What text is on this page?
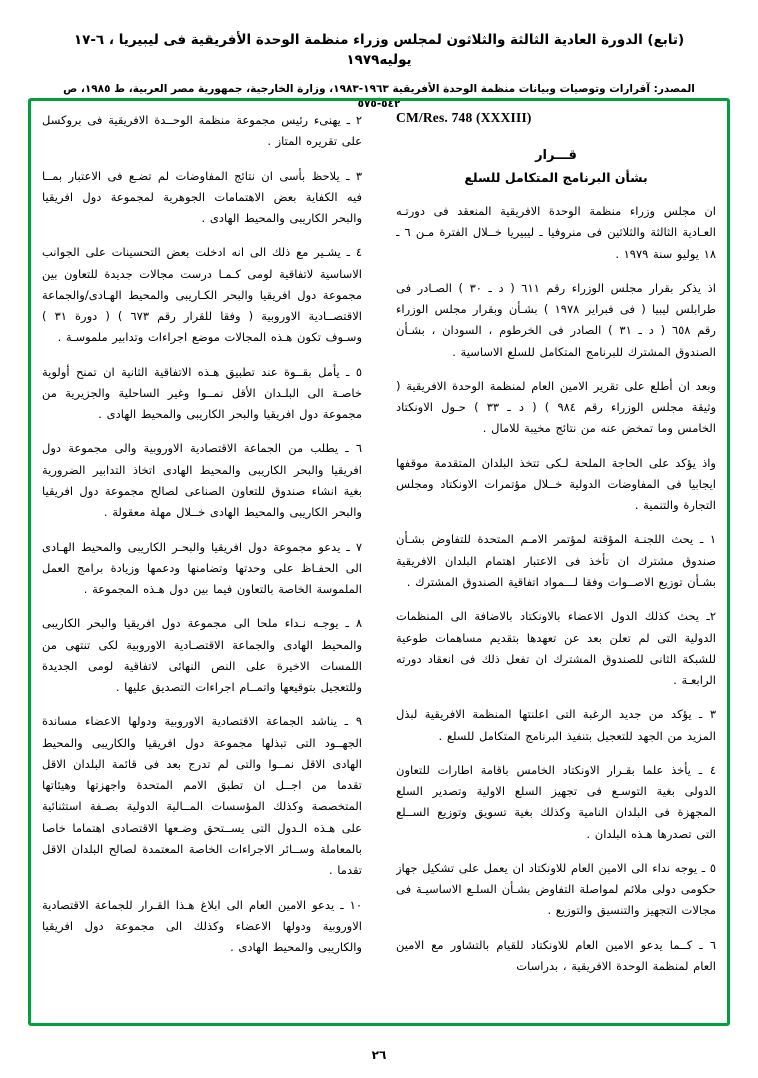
(تابع) الدورة العادية الثالثة والثلاثون لمجلس وزراء منظمة الوحدة الأفريقية فى ليبيريا ، ٦-١٧ يوليه١٩٧٩
المصدر: آقرارات وتوصيات وبيانات منظمة الوحدة الأفريقية ١٩٦٣-١٩٨٣، وزارة الخارجية، جمهورية مصر العربية، ط ١٩٨٥، ص ٥٤٢-٥٧٥ْ
CM/Res. 748 (XXXIII)
قـــرار
بشأن البرنامج المتكامل للسلع

ان مجلس وزراء منظمة الوحدة الافريقية المنعقد فى دورتـه العـادية الثالثة والثلاثين فى منروفيا ـ ليبيريا خــلال الفترة مـن ٦ ـ ١٨ يوليو سنة ١٩٧٩ .

اذ يذكر بقرار مجلس الوزراء رقم ٦١١ ( د ـ ٣٠ ) الصـادر فى طرابلس ليبيا ( فى فبراير ١٩٧٨ ) بشـأن وبقرار مجلس الوزراء رقم ٦٥٨ ( د ـ ٣١ ) الصادر فى الخرطوم ، السودان ، بشـأن الصندوق المشترك للبرنامج المتكامل للسلع الاساسية .

وبعد ان أطلع على تقرير الامين العام لمنظمة الوحدة الافريقية ( وثيقة مجلس الوزراء رقم ٩٨٤ ) ( د ـ ٣٣ ) حـول الاونكتاد الخامس وما تمخض عنه من نتائج مخيبة للامال .

واذ يؤكد على الحاجة الملحة لـكى تتخذ البلدان المتقدمة موقفها ايجابيا فى المفاوضات الدولية خــلال مؤتمرات الاونكتاد ومجلس التجارة والتنمية .

١ ـ يحث اللجنـة المؤقتة لمؤتمر الامـم المتحدة للتفاوض بشـأن صندوق مشترك ان تأخذ فى الاعتبار اهتمام البلدان الافريقية بشـأن توزيع الاصــوات وفقا لـــمواد اتفاقية الصندوق المشترك .

٢ـ يحث كذلك الدول الاعضاء بالاونكتاد بالاضافة الى المنظمات الدولية التى لم تعلن بعد عن تعهدها بتقديم مساهمات طوعية للشبكة الثانى للصندوق المشترك ان تفعل ذلك فى انعقاد دورته الرابعـة .

٣ ـ يؤكد من جديد الرغبة التى اعلنتها المنظمة الافريقية لبذل المزيد من الجهد للتعجيل بتنفيذ البرنامج المتكامل للسلع .

٤ ـ يأخذ علما بقـرار الاونكتاد الخامس باقامة اطارات للتعاون الدولى بغية التوسـع فى تجهيز السلع الاولية وتصدير السلع المجهزة فى البلدان النامية وكذلك بغية تسويق وتوزيع الســلع التى تصدرها هـذه البلدان .

٥ ـ يوجه نداء الى الامين العام للاونكتاد ان يعمل على تشكيل جهاز حكومى دولى ملائم لمواصلة التفاوض بشـأن السلـع الاساسيـة فى مجالات التجهيز والتنسيق والتوزيع .

٦ ـ كــما يدعو الامين العام للاونكتاد للقيام بالتشاور مع الامين العام لمنظمة الوحدة الافريقية ، بدراسات

٢ ـ يهنىء رئيس مجموعة منظمة الوحــدة الافريقية فى بروكسل على تقريره المتاز .

٣ ـ يلاحظ بأسى ان نتائج المفاوضات لم تضـع فى الاعتبار بمــا فيه الكفاية بعض الاهتمامات الجوهرية لمجموعة دول افريقيا والبحر الكاريبى والمحيط الهادى .

٤ ـ يشـير مع ذلك الى انه ادخلت بعض التحسينات على الجوانب الاساسية لاتفاقية لومى كـمـا درست مجالات جديدة للتعاون بين مجموعة دول افريقيا والبحر الكـاريبى والمحيط الهـادى/والجماعة الاقتصــادية الاوروبية ( وفقا للقرار رقم ٦٧٣ ) ( دورة ٣١ ) وسـوف تكون هـذه المجالات موضع اجراءات وتدابير ملموسـة .

٥ ـ يأمل بقــوة عند تطبيق هـذه الاتفاقية الثانية ان تمنح أولوية خاصـة الى البلـدان الأقل نمــوا وغير الساحلية والجزيرية من مجموعة دول افريقيا والبحر الكاريبى والمحيط الهادى .

٦ ـ يطلب من الجماعة الاقتصادية الاوروبية والى مجموعة دول افريقيا والبحر الكاريبى والمحيط الهادى اتخاذ التدابير الضرورية بغية انشاء صندوق للتعاون الصناعى لصالح مجموعة دول افريقيا والبحر الكاريبى والمحيط الهادى خــلال مهلة معقولة .

٧ ـ يدعو مجموعة دول افريقيا والبحـر الكاريبى والمحيط الهـادى الى الحفـاظ على وحدتها وتضامنها ودعمها وزيادة برامج العمل الملموسة الخاصة بالتعاون فيما بين دول هـذه المجموعة .

٨ ـ يوجـه نـداء ملحا الى مجموعة دول افريقيا والبحر الكاريبى والمحيط الهادى والجماعة الاقتصـادية الاوروبية لكى تنتهى من اللمسات الاخيرة على النص النهائى لاتفاقية لومى الجديدة وللتعجيل بتوقيعها واتمــام اجراءات التصديق عليها .

٩ ـ يناشد الجماعة الاقتصادية الاوروبية ودولها الاعضاء مساندة الجهــود التى تبذلها مجموعة دول افريقيا والكاريبى والمحيط الهادى الاقل نمــوا والتى لم تدرج بعد فى قائمة البلدان الاقل تقدما من اجــل ان تطبق الامم المتحدة واجهزتها وهيئاتها المتخصصة وكذلك المؤسسات المــالية الدولية بصـفة استثنائية على هـذه الـدول التى يســتحق وضـعها الاقتصادى اهتماما خاصا بالمعاملة وســائر الاجراءات الخاصة المعتمدة لصالح البلدان الاقل تقدما .

١٠ ـ يدعو الامين العام الى ابلاغ هـذا القـرار للجماعة الاقتصادية الاوروبية ودولها الاعضاء وكذلك الى مجموعة دول افريقيا والكاريبى والمحيط الهادى .

٢٦
